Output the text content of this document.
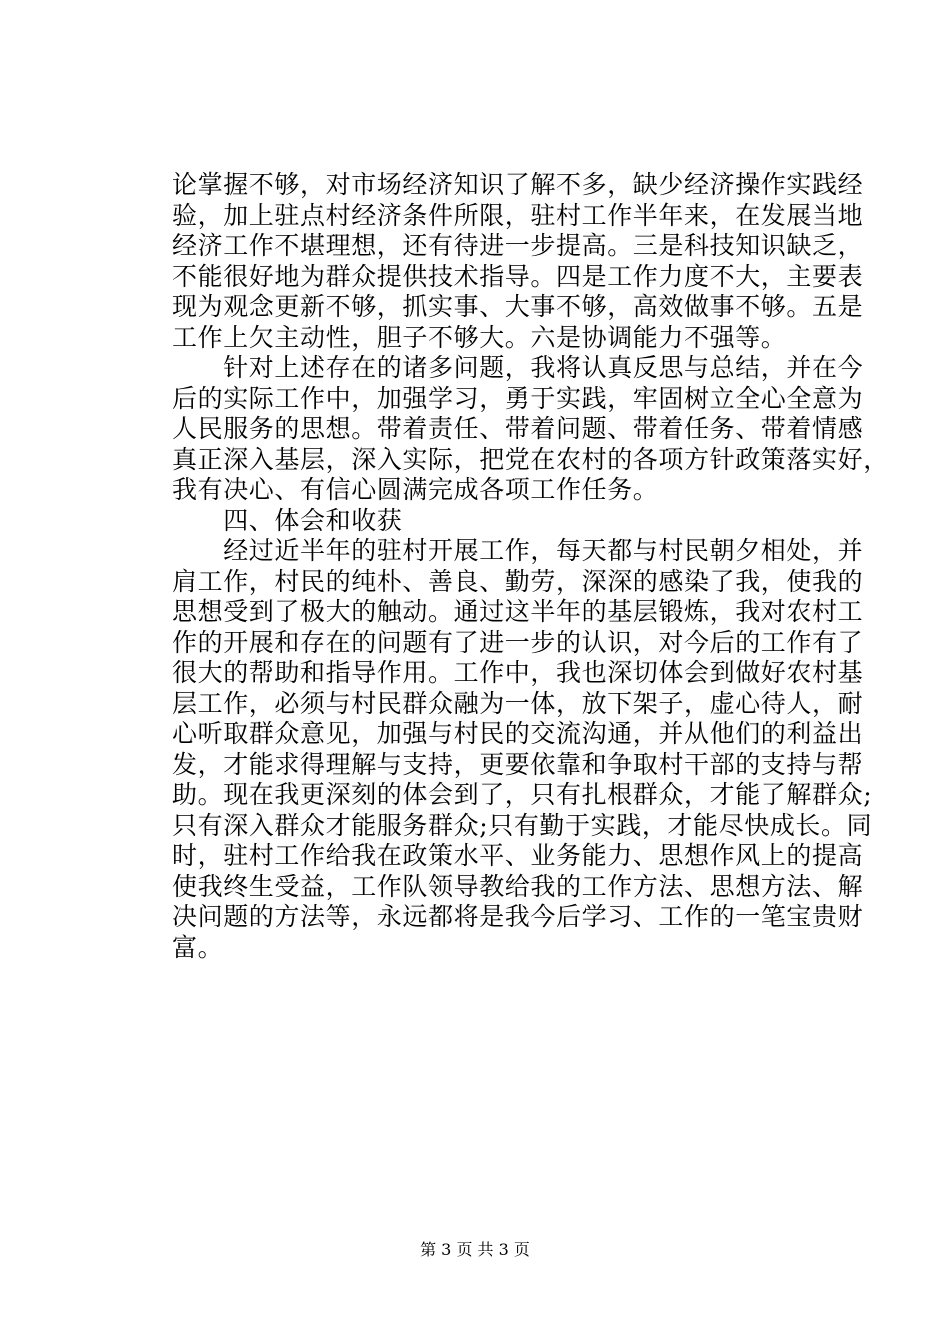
论掌握不够，对市场经济知识了解不多，缺少经济操作实践经
验，加上驻点村经济条件所限，驻村工作半年来，在发展当地
经济工作不堪理想，还有待进一步提高。三是科技知识缺乏，
不能很好地为群众提供技术指导。四是工作力度不大，主要表
现为观念更新不够，抓实事、大事不够，高效做事不够。五是
工作上欠主动性，胆子不够大。六是协调能力不强等。
　　针对上述存在的诸多问题，我将认真反思与总结，并在今
后的实际工作中，加强学习，勇于实践，牢固树立全心全意为
人民服务的思想。带着责任、带着问题、带着任务、带着情感
真正深入基层，深入实际，把党在农村的各项方针政策落实好，
我有决心、有信心圆满完成各项工作任务。
　　四、体会和收获
　　经过近半年的驻村开展工作，每天都与村民朝夕相处，并
肩工作，村民的纯朴、善良、勤劳，深深的感染了我，使我的
思想受到了极大的触动。通过这半年的基层锻炼，我对农村工
作的开展和存在的问题有了进一步的认识，对今后的工作有了
很大的帮助和指导作用。工作中，我也深切体会到做好农村基
层工作，必须与村民群众融为一体，放下架子，虚心待人，耐
心听取群众意见，加强与村民的交流沟通，并从他们的利益出
发，才能求得理解与支持，更要依靠和争取村干部的支持与帮
助。现在我更深刻的体会到了，只有扎根群众，才能了解群众;
只有深入群众才能服务群众;只有勤于实践，才能尽快成长。同
时，驻村工作给我在政策水平、业务能力、思想作风上的提高
使我终生受益，工作队领导教给我的工作方法、思想方法、解
决问题的方法等，永远都将是我今后学习、工作的一笔宝贵财
富。
第 3 页 共 3 页
